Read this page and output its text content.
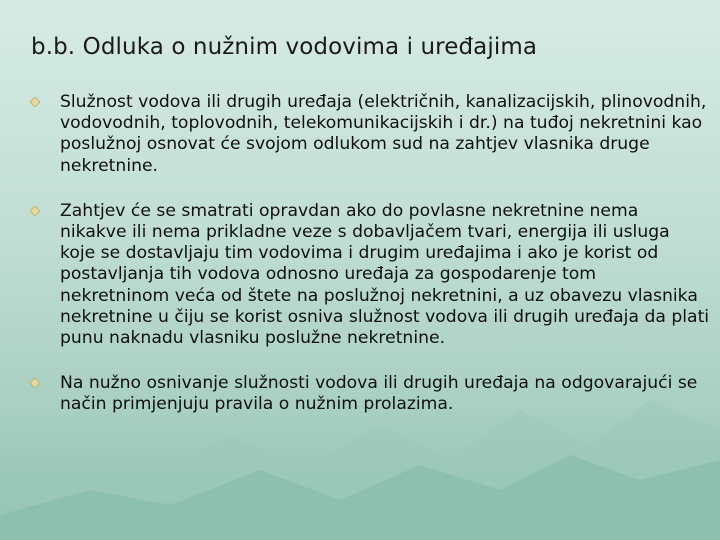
b.b. Odluka o nužnim vodovima i uređajima
Služnost vodova ili drugih uređaja (električnih, kanalizacijskih, plinovodnih, vodovodnih, toplovodnih, telekomunikacijskih i dr.) na tuđoj nekretnini kao poslužnoj osnovat će svojom odlukom sud na zahtjev vlasnika druge nekretnine.
Zahtjev će se smatrati opravdan ako do povlasne nekretnine nema nikakve ili nema prikladne veze s dobavljačem tvari, energija ili usluga koje se dostavljaju tim vodovima i drugim uređajima i ako je korist od postavljanja tih vodova odnosno uređaja za gospodarenje tom nekretninom veća od štete na poslužnoj nekretnini, a uz obavezu vlasnika nekretnine u čiju se korist osniva služnost vodova ili drugih uređaja da plati punu naknadu vlasniku poslužne nekretnine.
Na nužno osnivanje služnosti vodova ili drugih uređaja na odgovarajući se način primjenjuju pravila o nužnim prolazima.
